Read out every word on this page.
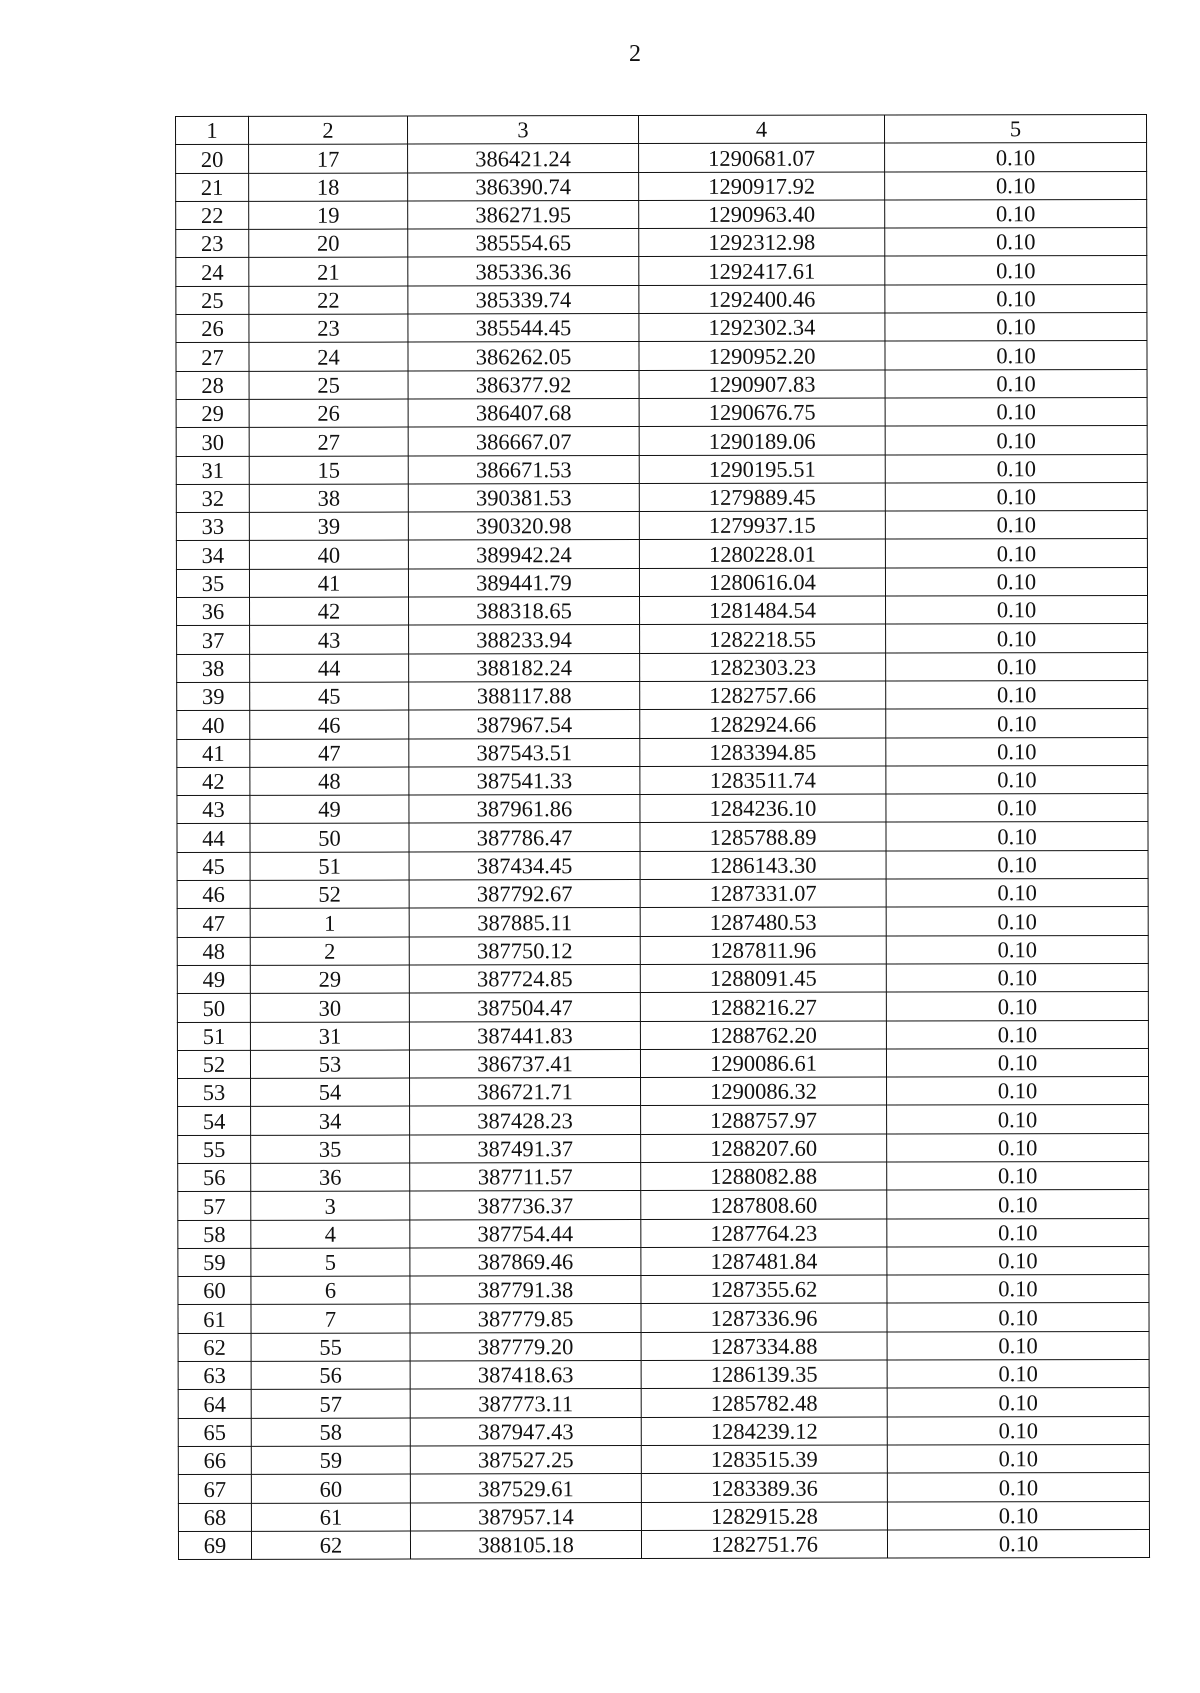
2
1	2	3	4	5
20	17	386421.24	1290681.07	0.10
21	18	386390.74	1290917.92	0.10
22	19	386271.95	1290963.40	0.10
23	20	385554.65	1292312.98	0.10
24	21	385336.36	1292417.61	0.10
25	22	385339.74	1292400.46	0.10
26	23	385544.45	1292302.34	0.10
27	24	386262.05	1290952.20	0.10
28	25	386377.92	1290907.83	0.10
29	26	386407.68	1290676.75	0.10
30	27	386667.07	1290189.06	0.10
31	15	386671.53	1290195.51	0.10
32	38	390381.53	1279889.45	0.10
33	39	390320.98	1279937.15	0.10
34	40	389942.24	1280228.01	0.10
35	41	389441.79	1280616.04	0.10
36	42	388318.65	1281484.54	0.10
37	43	388233.94	1282218.55	0.10
38	44	388182.24	1282303.23	0.10
39	45	388117.88	1282757.66	0.10
40	46	387967.54	1282924.66	0.10
41	47	387543.51	1283394.85	0.10
42	48	387541.33	1283511.74	0.10
43	49	387961.86	1284236.10	0.10
44	50	387786.47	1285788.89	0.10
45	51	387434.45	1286143.30	0.10
46	52	387792.67	1287331.07	0.10
47	1	387885.11	1287480.53	0.10
48	2	387750.12	1287811.96	0.10
49	29	387724.85	1288091.45	0.10
50	30	387504.47	1288216.27	0.10
51	31	387441.83	1288762.20	0.10
52	53	386737.41	1290086.61	0.10
53	54	386721.71	1290086.32	0.10
54	34	387428.23	1288757.97	0.10
55	35	387491.37	1288207.60	0.10
56	36	387711.57	1288082.88	0.10
57	3	387736.37	1287808.60	0.10
58	4	387754.44	1287764.23	0.10
59	5	387869.46	1287481.84	0.10
60	6	387791.38	1287355.62	0.10
61	7	387779.85	1287336.96	0.10
62	55	387779.20	1287334.88	0.10
63	56	387418.63	1286139.35	0.10
64	57	387773.11	1285782.48	0.10
65	58	387947.43	1284239.12	0.10
66	59	387527.25	1283515.39	0.10
67	60	387529.61	1283389.36	0.10
68	61	387957.14	1282915.28	0.10
69	62	388105.18	1282751.76	0.10
